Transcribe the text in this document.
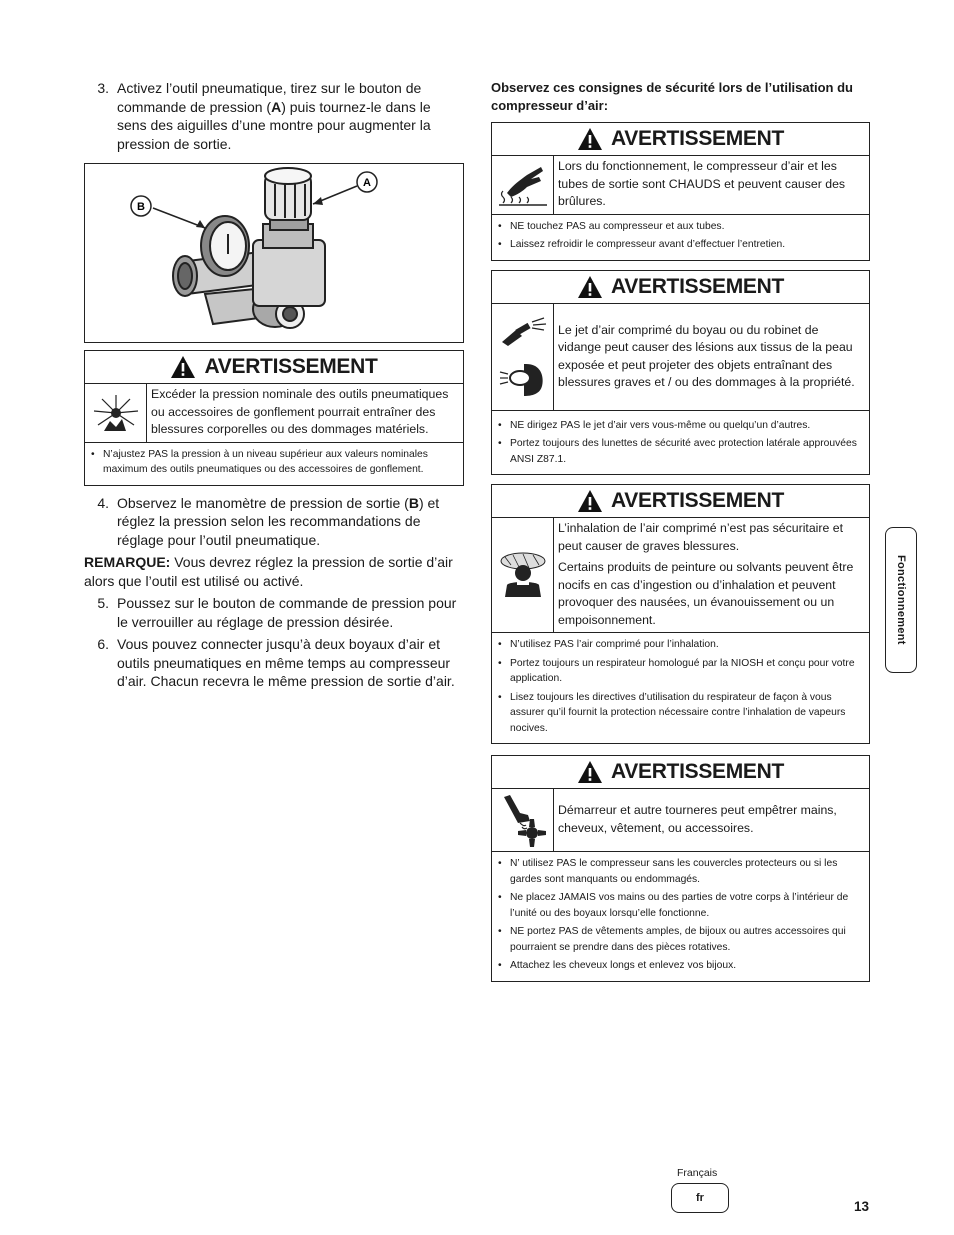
3. Activez l’outil pneumatique, tirez sur le bouton de commande de pression (A) puis tournez-le dans le sens des aiguilles d’une montre pour augmenter la pression de sortie.
A
B
AVERTISSEMENT

Excéder la pression nominale des outils pneumatiques ou accessoires de gonflement pourrait entraîner des blessures corporelles ou des dommages matériels.

• N’ajustez PAS la pression à un niveau supérieur aux valeurs nominales maximum des outils pneumatiques ou des accessoires de gonflement.
4. Observez le manomètre de pression de sortie (B) et réglez la pression selon les recommandations de réglage pour l’outil pneumatique.

REMARQUE: Vous devrez réglez la pression de sortie d’air alors que l’outil est utilisé ou activé.

5. Poussez sur le bouton de commande de pression pour le verrouiller au réglage de pression désirée.
6. Vous pouvez connecter jusqu’à deux boyaux d’air et outils pneumatiques en même temps au compresseur d’air. Chacun recevra le même pression de sortie d’air.

Observez ces consignes de sécurité lors de l’utilisation du compresseur d’air:

AVERTISSEMENT

Lors du fonctionnement, le compresseur d’air et les tubes de sortie sont CHAUDS et peuvent causer des brûlures.

• NE touchez PAS au compresseur et aux tubes.
• Laissez refroidir le compresseur avant d’effectuer l’entretien.
AVERTISSEMENT

Le jet d’air comprimé du boyau ou du robinet de vidange peut causer des lésions aux tissus de la peau exposée et peut projeter des objets entraînant des blessures graves et / ou des dommages à la propriété.

• NE dirigez PAS le jet d’air vers vous-même ou quelqu’un d’autres.
• Portez toujours des lunettes de sécurité avec protection latérale approuvées ANSI Z87.1.
AVERTISSEMENT

L’inhalation de l’air comprimé n’est pas sécuritaire et peut causer de graves blessures.

Certains produits de peinture ou solvants peuvent être nocifs en cas d’ingestion ou d’inhalation et peuvent provoquer des nausées, un évanouissement ou un empoisonnement.

• N’utilisez PAS l’air comprimé pour l’inhalation.
• Portez toujours un respirateur homologué par la NIOSH et conçu pour votre application.
• Lisez toujours les directives d’utilisation du respirateur de façon à vous assurer qu’il fournit la protection nécessaire contre l’inhalation de vapeurs nocives.
AVERTISSEMENT

Démarreur et autre tourneres peut empêtrer mains, cheveux, vêtement, ou accessoires.

• N’ utilisez PAS le compresseur sans les couvercles protecteurs ou si les gardes sont manquants ou endommagés.
• Ne placez JAMAIS vos mains ou des parties de votre corps à l’intérieur de l’unité ou des boyaux lorsqu’elle fonctionne.
• NE portez PAS de vêtements amples, de bijoux ou autres accessoires qui pourraient se prendre dans des pièces rotatives.
• Attachez les cheveux longs et enlevez vos bijoux.
Fonctionnement
Français
fr
13
